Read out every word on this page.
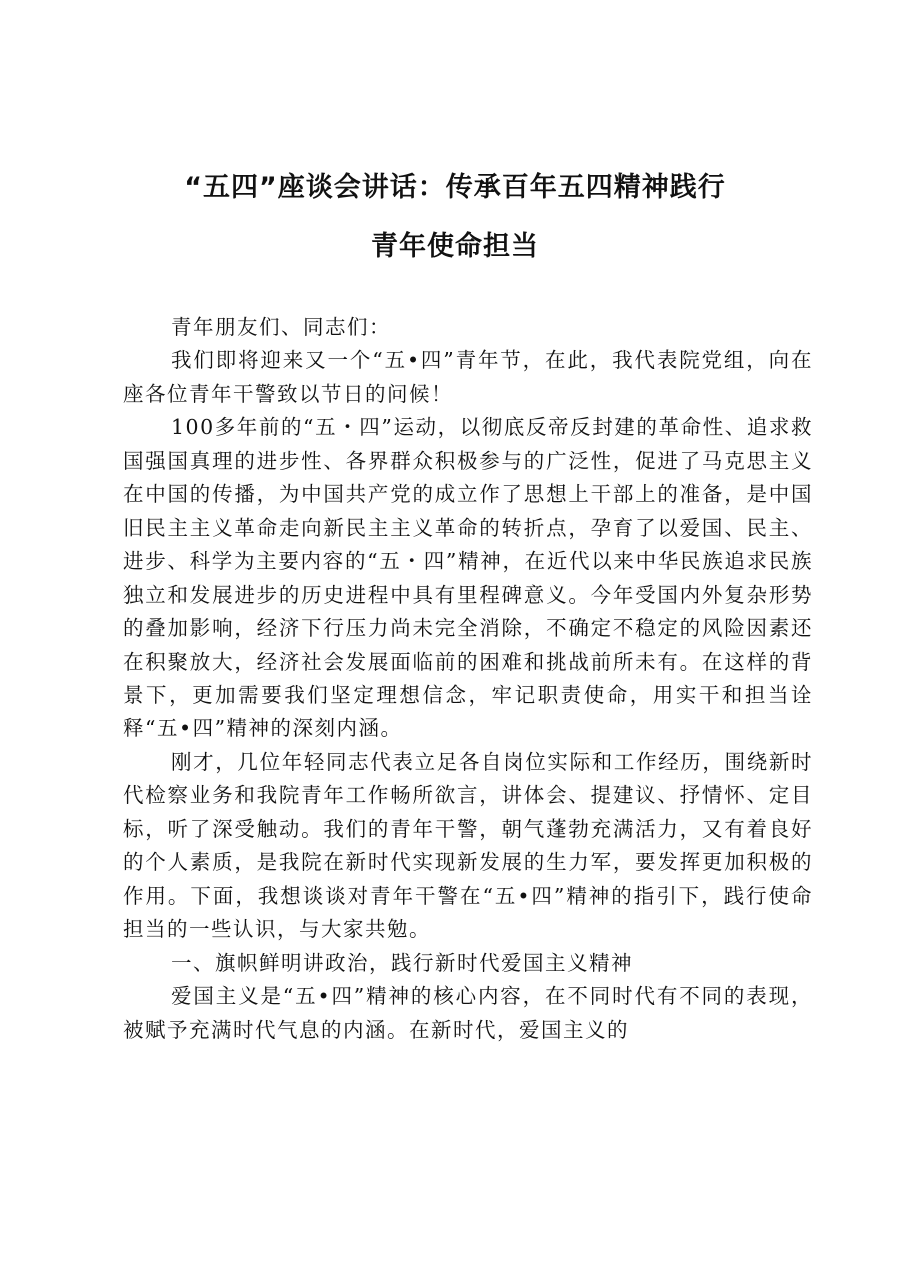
“五四”座谈会讲话：传承百年五四精神践行
青年使命担当

青年朋友们、同志们：

我们即将迎来又一个“五•四”青年节，在此，我代表院党组，向在座各位青年干警致以节日的问候！

100多年前的“五・四”运动，以彻底反帝反封建的革命性、追求救国强国真理的进步性、各界群众积极参与的广泛性，促进了马克思主义在中国的传播，为中国共产党的成立作了思想上干部上的准备，是中国旧民主主义革命走向新民主主义革命的转折点，孕育了以爱国、民主、进步、科学为主要内容的“五・四”精神，在近代以来中华民族追求民族独立和发展进步的历史进程中具有里程碑意义。今年受国内外复杂形势的叠加影响，经济下行压力尚未完全消除，不确定不稳定的风险因素还在积聚放大，经济社会发展面临前的困难和挑战前所未有。在这样的背景下，更加需要我们坚定理想信念，牢记职责使命，用实干和担当诠释“五•四”精神的深刻内涵。

刚才，几位年轻同志代表立足各自岗位实际和工作经历，围绕新时代检察业务和我院青年工作畅所欲言，讲体会、提建议、抒情怀、定目标，听了深受触动。我们的青年干警，朝气蓬勃充满活力，又有着良好的个人素质，是我院在新时代实现新发展的生力军，要发挥更加积极的作用。下面，我想谈谈对青年干警在“五•四”精神的指引下，践行使命担当的一些认识，与大家共勉。

一、旗帜鲜明讲政治，践行新时代爱国主义精神

爱国主义是“五•四”精神的核心内容，在不同时代有不同的表现，被赋予充满时代气息的内涵。在新时代，爱国主义的
